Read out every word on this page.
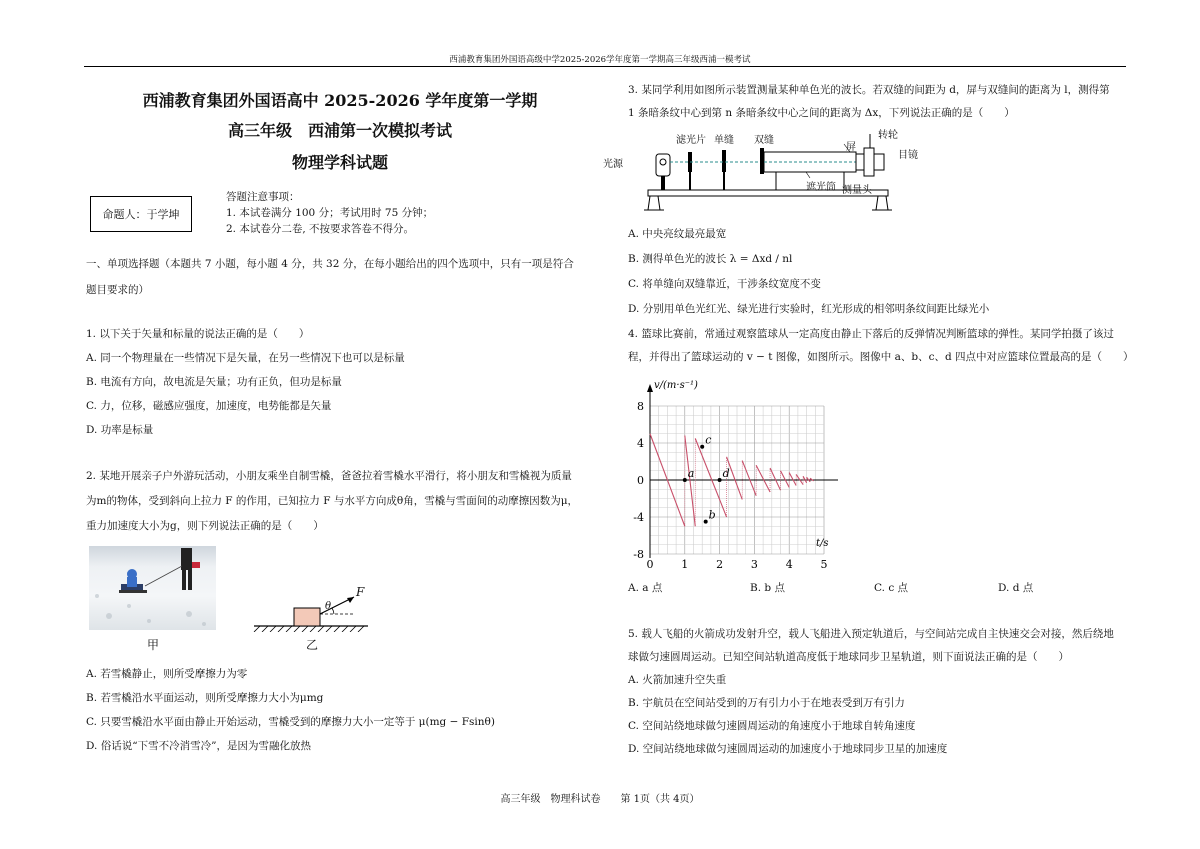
西浦教育集团外国语高级中学2025-2026学年度第一学期高三年级西浦一模考试
西浦教育集团外国语高中 2025-2026 学年度第一学期
高三年级　西浦第一次模拟考试
物理学科试题
命题人：于学坤
答题注意事项：
1. 本试卷满分 100 分；考试用时 75 分钟；
2. 本试卷分二卷, 不按要求答卷不得分。
一、单项选择题（本题共 7 小题，每小题 4 分，共 32 分，在每小题给出的四个选项中，只有一项是符合
题目要求的）
1. 以下关于矢量和标量的说法正确的是（　　）
A. 同一个物理量在一些情况下是矢量，在另一些情况下也可以是标量
B. 电流有方向，故电流是矢量；功有正负，但功是标量
C. 力，位移，磁感应强度，加速度，电势能都是矢量
D. 功率是标量
2. 某地开展亲子户外游玩活动，小朋友乘坐自制雪橇，爸爸拉着雪橇水平滑行，将小朋友和雪橇视为质量
为m的物体，受到斜向上拉力 F 的作用，已知拉力 F 与水平方向成θ角，雪橇与雪面间的动摩擦因数为μ，
重力加速度大小为g，则下列说法正确的是（　　）
甲
F
θ
乙
A. 若雪橇静止，则所受摩擦力为零
B. 若雪橇沿水平面运动，则所受摩擦力大小为μmg
C. 只要雪橇沿水平面由静止开始运动，雪橇受到的摩擦力大小一定等于 μ(mg − Fsinθ)
D. 俗话说“下雪不冷消雪冷”，是因为雪融化放热
3. 某同学利用如图所示装置测量某种单色光的波长。若双缝的间距为 d，屏与双缝间的距离为 l，测得第
1 条暗条纹中心到第 n 条暗条纹中心之间的距离为 Δx，下列说法正确的是（　　）
光源
滤光片 单缝 双缝
屏
转轮
目镜
遮光筒 测量头
A. 中央亮纹最亮最宽
B. 测得单色光的波长 λ = Δxd / nl
C. 将单缝向双缝靠近，干涉条纹宽度不变
D. 分别用单色光红光、绿光进行实验时，红光形成的相邻明条纹间距比绿光小
4. 篮球比赛前，常通过观察篮球从一定高度由静止下落后的反弹情况判断篮球的弹性。某同学拍摄了该过
程，并得出了篮球运动的 v − t 图像，如图所示。图像中 a、b、c、d 四点中对应篮球位置最高的是（　　）
v/(m·s⁻¹)
t/s
0	1	2	3	4	5
8
4
0
-4
-8
a
b
c
d
A. a 点	B. b 点	C. c 点	D. d 点
5. 载人飞船的火箭成功发射升空，载人飞船进入预定轨道后，与空间站完成自主快速交会对接，然后绕地
球做匀速圆周运动。已知空间站轨道高度低于地球同步卫星轨道，则下面说法正确的是（　　）
A. 火箭加速升空失重
B. 宇航员在空间站受到的万有引力小于在地表受到万有引力
C. 空间站绕地球做匀速圆周运动的角速度小于地球自转角速度
D. 空间站绕地球做匀速圆周运动的加速度小于地球同步卫星的加速度
高三年级　物理科试卷　　第 1页（共 4页）
